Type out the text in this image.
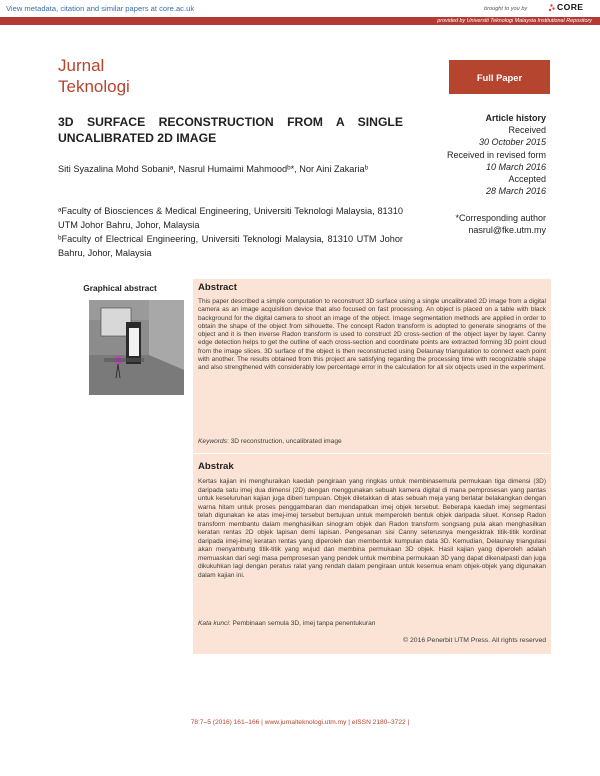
View metadata, citation and similar papers at core.ac.uk	brought to you by	CORE
provided by Universiti Teknologi Malaysia Institutional Repository
Jurnal
Teknologi	Full Paper
3D SURFACE RECONSTRUCTION FROM A SINGLE UNCALIBRATED 2D IMAGE
Siti Syazalina Mohd Sobaniᵃ, Nasrul Humaimi Mahmoodᵇ*, Nor Aini Zakariaᵇ
ᵃFaculty of Biosciences & Medical Engineering, Universiti Teknologi Malaysia, 81310 UTM Johor Bahru, Johor, Malaysia
ᵇFaculty of Electrical Engineering, Universiti Teknologi Malaysia, 81310 UTM Johor Bahru, Johor, Malaysia
Article history
Received
30 October 2015
Received in revised form
10 March 2016
Accepted
28 March 2016
*Corresponding author
nasrul@fke.utm.my
Graphical abstract	Abstract
This paper described a simple computation to reconstruct 3D surface using a single uncalibrated 2D image from a digital camera as an image acquisition device that also focused on fast processing. An object is placed on a table with black background for the digital camera to shoot an image of the object. Image segmentation methods are applied in order to obtain the shape of the object from silhouette. The concept Radon transform is adopted to generate sinograms of the object and it is then inverse Radon transform is used to construct 2D cross-section of the object layer by layer. Canny edge detection helps to get the outline of each cross-section and coordinate points are extracted forming 3D point cloud from the image slices. 3D surface of the object is then reconstructed using Delaunay triangulation to connect each point with another. The results obtained from this project are satisfying regarding the processing time with recognizable shape and also strengthened with considerably low percentage error in the calculation for all six objects used in the experiment.
Keywords: 3D reconstruction, uncalibrated image
Abstrak
Kertas kajian ini menghuraikan kaedah pengiraan yang ringkas untuk membinasemula permukaan tiga dimensi (3D) daripada satu imej dua dimensi (2D) dengan menggunakan sebuah kamera digital di mana pemprosesan yang pantas untuk keseluruhan kajian juga diberi tumpuan. Objek diletakkan di atas sebuah meja yang berlatar belakangkan dengan warna hitam untuk proses penggambaran dan mendapatkan imej objek tersebut. Beberapa kaedah imej segmentasi telah digunakan ke atas imej-imej tersebut bertujuan untuk memperoleh bentuk objek daripada siluet. Konsep Radon transform membantu dalam menghasilkan sinogram objek dan Radon transform songsang pula akan menghasilkan keratan rentas 2D objek lapisan demi lapisan. Pengesanan sisi Canny seterusnya mengesktrak titik-titik kordinat daripada imej-imej keratan rentas yang diperoleh dan membentuk kumpulan data 3D. Kemudian, Delaunay triangulasi akan menyambung titik-titik yang wujud dan membina permukaan 3D objek. Hasil kajian yang diperoleh adalah memuaskan dari segi masa pemprosesan yang pendek untuk membina permukaan 3D yang dapat dikenalpasti dan juga dikukuhkan lagi dengan peratus ralat yang rendah dalam pengiraan untuk kesemua enam objek-objek yang digunakan dalam kajian ini.
Kata kunci: Pembinaan semula 3D, imej tanpa penentukuran
© 2016 Penerbit UTM Press. All rights reserved
78:7–5 (2016) 161–166 | www.jurnalteknologi.utm.my | eISSN 2180–3722 |
